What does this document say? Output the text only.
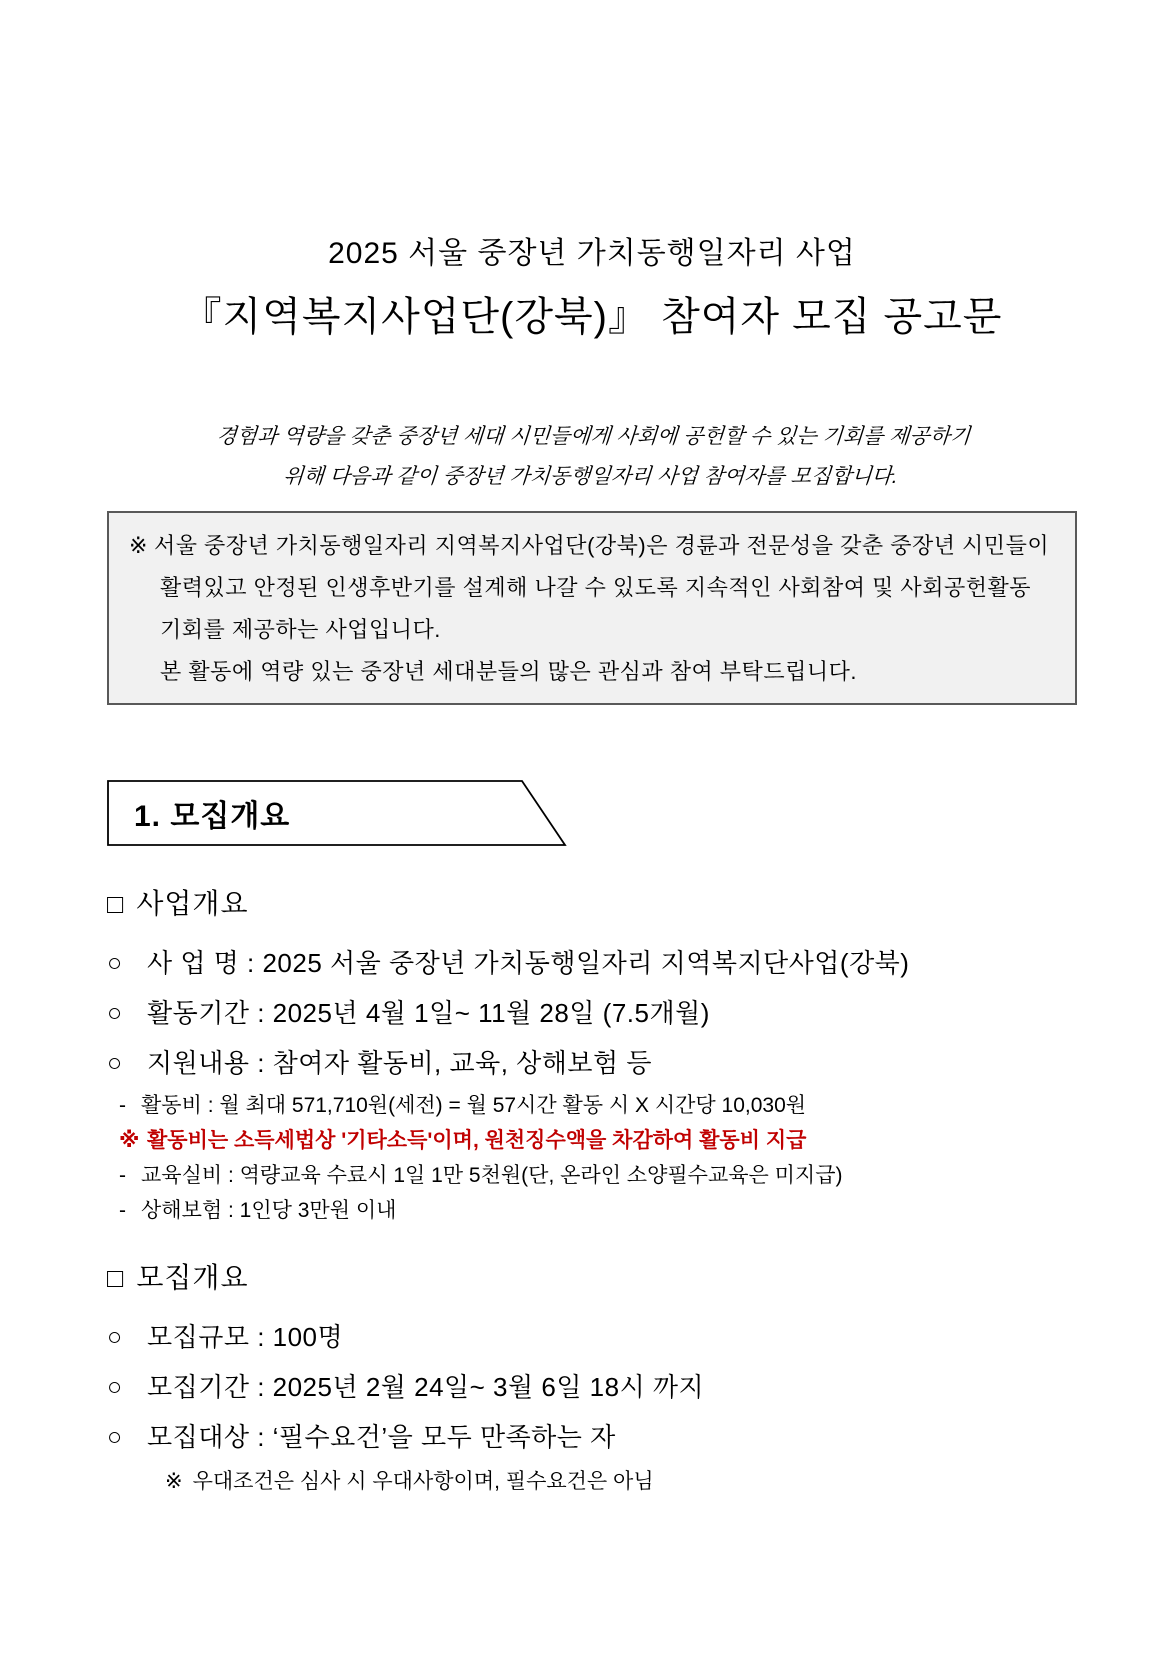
2025 서울 중장년 가치동행일자리 사업
『지역복지사업단(강북)』 참여자 모집 공고문
경험과 역량을 갖춘 중장년 세대 시민들에게 사회에 공헌할 수 있는 기회를 제공하기
위해 다음과 같이 중장년 가치동행일자리 사업 참여자를 모집합니다.

※ 서울 중장년 가치동행일자리 지역복지사업단(강북)은 경륜과 전문성을 갖춘 중장년 시민들이

활력있고 안정된 인생후반기를 설계해 나갈 수 있도록 지속적인 사회참여 및 사회공헌활동

기회를 제공하는 사업입니다.

본 활동에 역량 있는 중장년 세대분들의 많은 관심과 참여 부탁드립니다.

1. 모집개요
□ 사업개요
○ 사 업 명 : 2025 서울 중장년 가치동행일자리 지역복지단사업(강북)
○ 활동기간 : 2025년 4월 1일~ 11월 28일 (7.5개월)
○ 지원내용 : 참여자 활동비, 교육, 상해보험 등
- 활동비 : 월 최대 571,710원(세전) = 월 57시간 활동 시 X 시간당 10,030원
※ 활동비는 소득세법상 '기타소득'이며, 원천징수액을 차감하여 활동비 지급
- 교육실비 : 역량교육 수료시 1일 1만 5천원(단, 온라인 소양필수교육은 미지급)
- 상해보험 : 1인당 3만원 이내
□ 모집개요
○ 모집규모 : 100명
○ 모집기간 : 2025년 2월 24일~ 3월 6일 18시 까지
○ 모집대상 : ‘필수요건’을 모두 만족하는 자
※ 우대조건은 심사 시 우대사항이며, 필수요건은 아님
